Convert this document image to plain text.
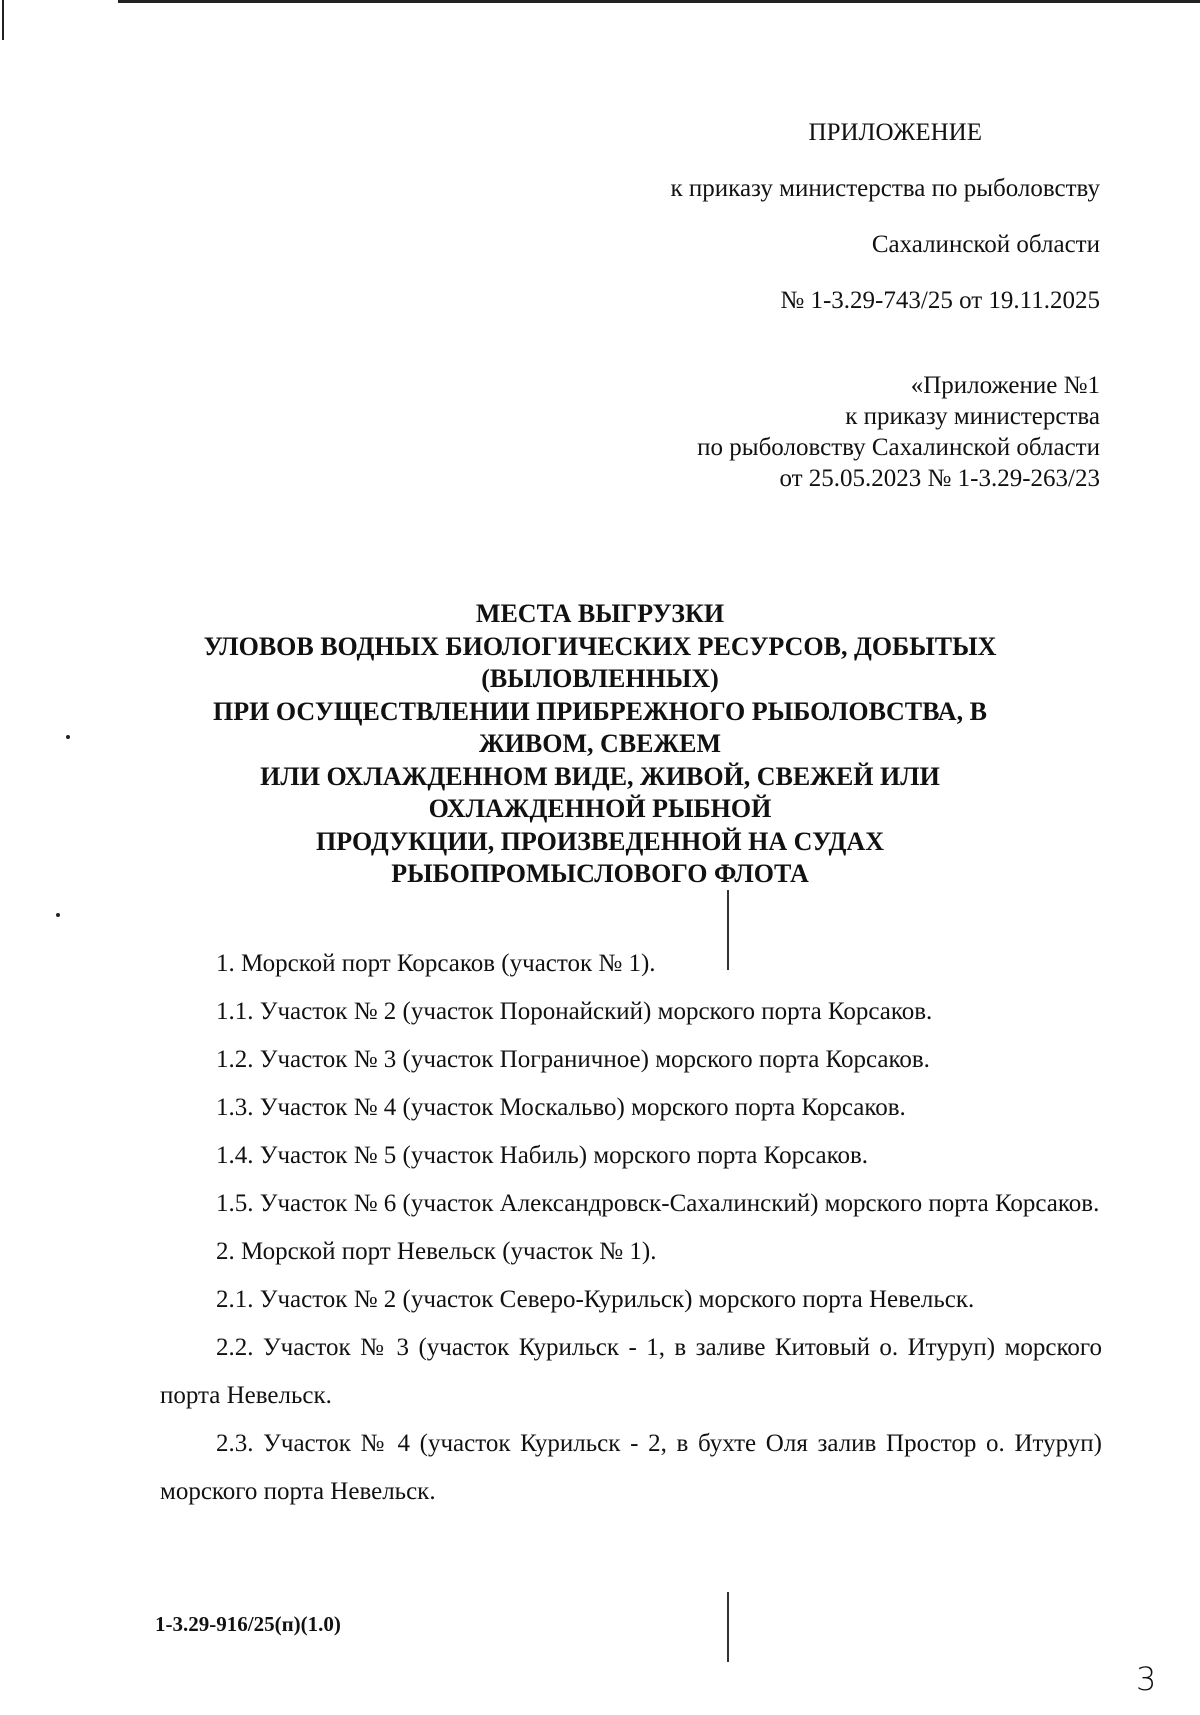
ПРИЛОЖЕНИЕ
к приказу министерства по рыболовству
Сахалинской области
№ 1-3.29-743/25 от 19.11.2025
«Приложение №1
к приказу министерства
по рыболовству Сахалинской области
от 25.05.2023 № 1-3.29-263/23
МЕСТА ВЫГРУЗКИ
УЛОВОВ ВОДНЫХ БИОЛОГИЧЕСКИХ РЕСУРСОВ, ДОБЫТЫХ
(ВЫЛОВЛЕННЫХ)
ПРИ ОСУЩЕСТВЛЕНИИ ПРИБРЕЖНОГО РЫБОЛОВСТВА, В
ЖИВОМ, СВЕЖЕМ
ИЛИ ОХЛАЖДЕННОМ ВИДЕ, ЖИВОЙ, СВЕЖЕЙ ИЛИ
ОХЛАЖДЕННОЙ РЫБНОЙ
ПРОДУКЦИИ, ПРОИЗВЕДЕННОЙ НА СУДАХ
РЫБОПРОМЫСЛОВОГО ФЛОТА

1. Морской порт Корсаков (участок № 1).

1.1. Участок № 2 (участок Поронайский) морского порта Корсаков.

1.2. Участок № 3 (участок Пограничное) морского порта Корсаков.

1.3. Участок № 4 (участок Москальво) морского порта Корсаков.

1.4. Участок № 5 (участок Набиль) морского порта Корсаков.

1.5. Участок № 6 (участок Александровск-Сахалинский) морского порта Корсаков.

2. Морской порт Невельск (участок № 1).

2.1. Участок № 2 (участок Северо-Курильск) морского порта Невельск.

2.2. Участок № 3 (участок Курильск - 1, в заливе Китовый о. Итуруп) морского порта Невельск.

2.3. Участок № 4 (участок Курильск - 2, в бухте Оля залив Простор о. Итуруп) морского порта Невельск.

1-3.29-916/25(п)(1.0)
3
